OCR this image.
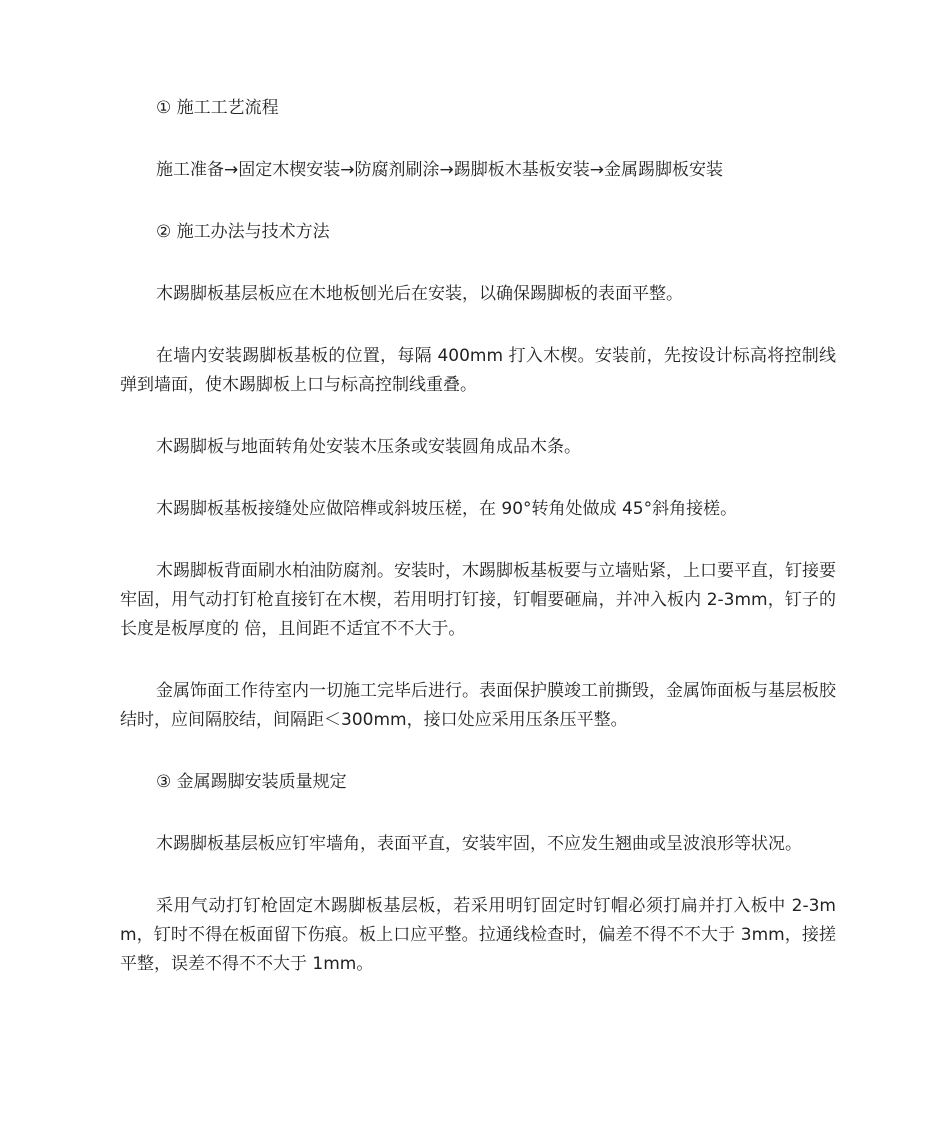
① 施工工艺流程

施工准备→固定木楔安装→防腐剂刷涂→踢脚板木基板安装→金属踢脚板安装

② 施工办法与技术方法

木踢脚板基层板应在木地板刨光后在安装，以确保踢脚板的表面平整。

在墙内安装踢脚板基板的位置，每隔 400mm 打入木楔。安装前，先按设计标高将控制线弹到墙面，使木踢脚板上口与标高控制线重叠。

木踢脚板与地面转角处安装木压条或安装圆角成品木条。

木踢脚板基板接缝处应做陪榫或斜坡压槎，在 90°转角处做成 45°斜角接槎。

木踢脚板背面刷水柏油防腐剂。安装时，木踢脚板基板要与立墙贴紧，上口要平直，钉接要牢固，用气动打钉枪直接钉在木楔，若用明打钉接，钉帽要砸扁，并冲入板内 2-3mm，钉子的长度是板厚度的 倍，且间距不适宜不不大于。

金属饰面工作待室内一切施工完毕后进行。表面保护膜竣工前撕毁，金属饰面板与基层板胶结时，应间隔胶结，间隔距＜300mm，接口处应采用压条压平整。

③ 金属踢脚安装质量规定

木踢脚板基层板应钉牢墙角，表面平直，安装牢固，不应发生翘曲或呈波浪形等状况。

采用气动打钉枪固定木踢脚板基层板，若采用明钉固定时钉帽必须打扁并打入板中 2-3mm，钉时不得在板面留下伤痕。板上口应平整。拉通线检查时，偏差不得不不大于 3mm，接搓平整，误差不得不不大于 1mm。
